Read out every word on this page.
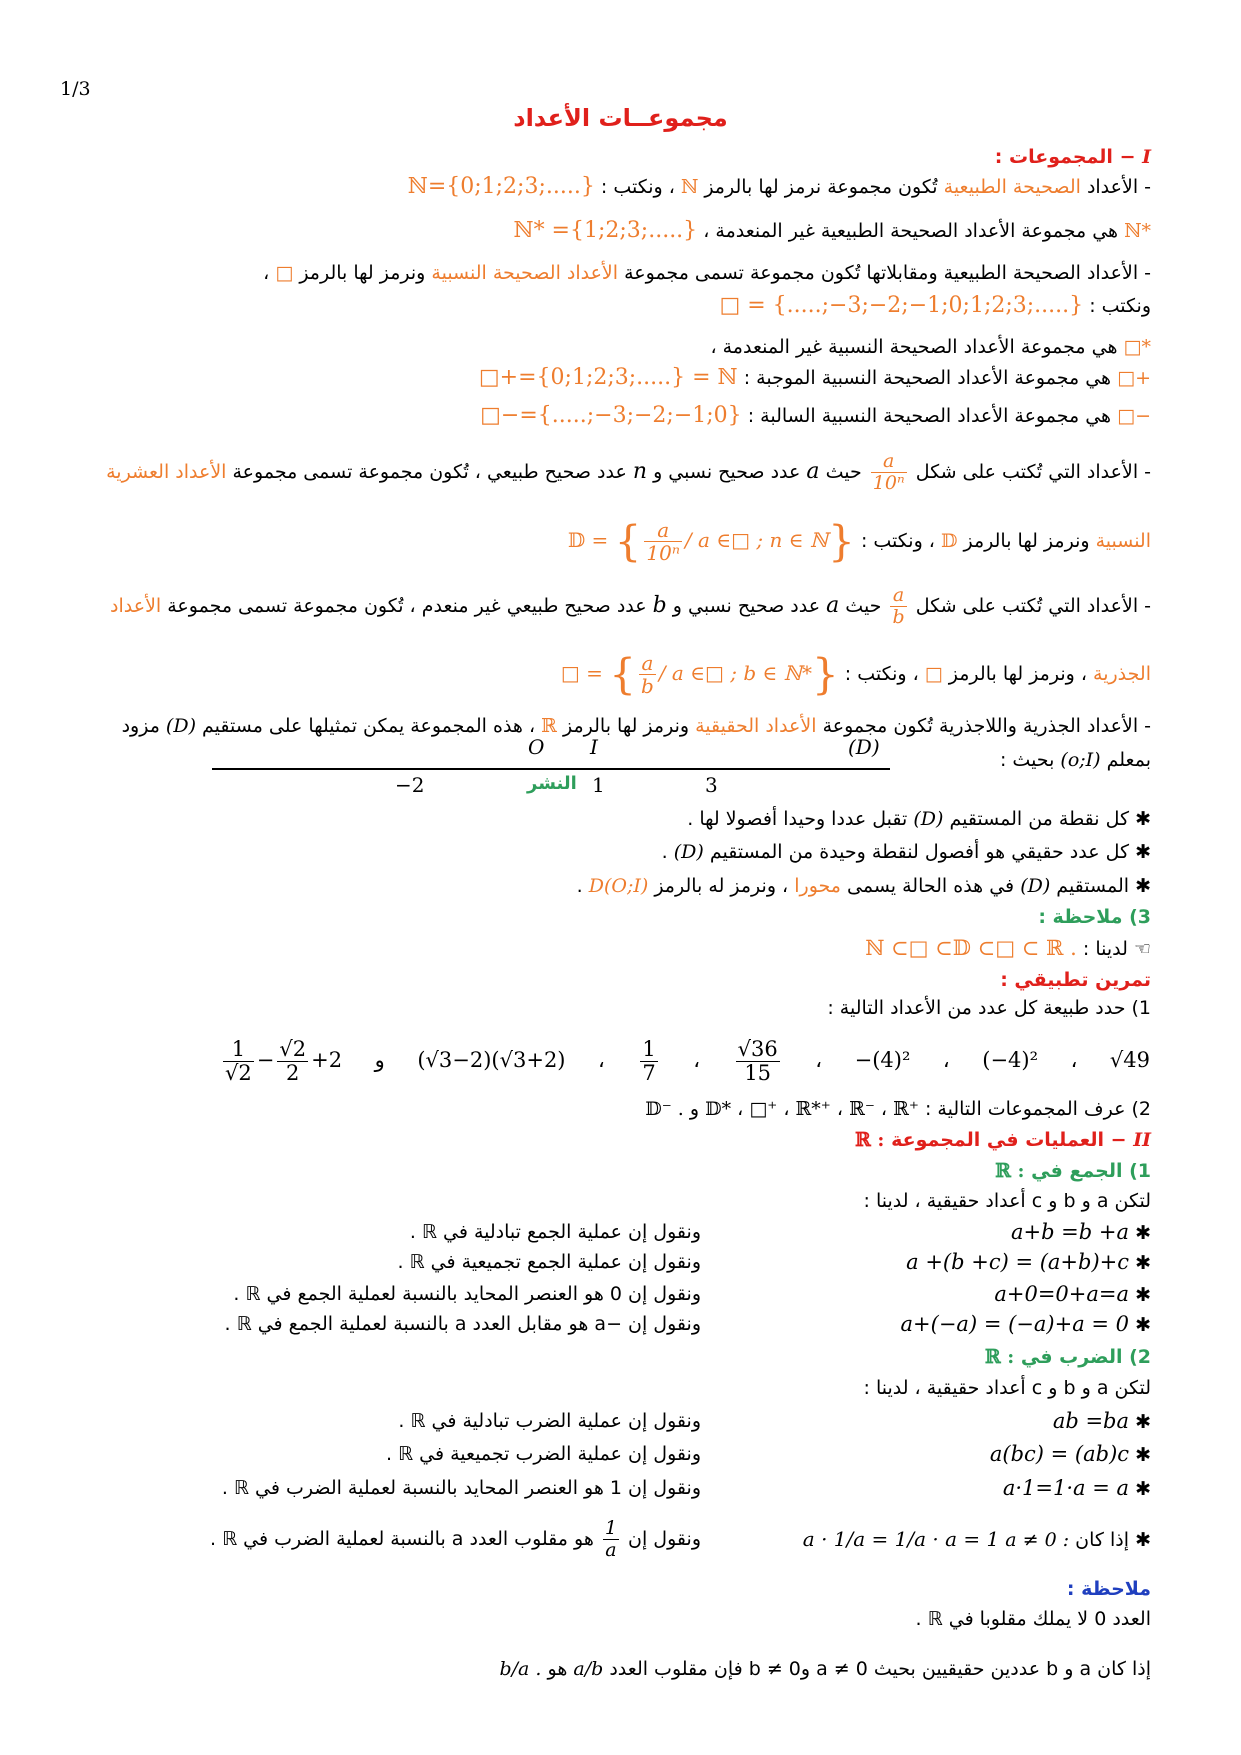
1/3
مجموعــات الأعداد
I − المجموعات :
- الأعداد الصحيحة الطبيعية تُكون مجموعة نرمز لها بالرمز ℕ ، ونكتب : ℕ={0;1;2;3;.....}
ℕ* هي مجموعة الأعداد الصحيحة الطبيعية غير المنعدمة ، ℕ* ={1;2;3;.....}
- الأعداد الصحيحة الطبيعية ومقابلاتها تُكون مجموعة تسمى مجموعة الأعداد الصحيحة النسبية ونرمز لها بالرمز □ ،
ونكتب : □ = {.....;−3;−2;−1;0;1;2;3;.....}
□* هي مجموعة الأعداد الصحيحة النسبية غير المنعدمة ،
□+ هي مجموعة الأعداد الصحيحة النسبية الموجبة : □+={0;1;2;3;.....} = ℕ
□− هي مجموعة الأعداد الصحيحة النسبية السالبة : □−={.....;−3;−2;−1;0}
- الأعداد التي تُكتب على شكل
$\frac{a}{\text{10ⁿ}}$
حيث a عدد صحيح نسبي و n عدد صحيح طبيعي ، تُكون مجموعة تسمى مجموعة الأعداد العشرية
النسبية ونرمز لها بالرمز 𝔻 ، ونكتب : 𝔻 = { $\frac{a}{\text{10ⁿ}}$ / a ∈□ ; n ∈ ℕ}
- الأعداد التي تُكتب على شكل
$\frac{a}{b}$
حيث a عدد صحيح نسبي و b عدد صحيح طبيعي غير منعدم ، تُكون مجموعة تسمى مجموعة الأعداد
الجذرية ، ونرمز لها بالرمز □ ، ونكتب : □ = { $\frac{a}{b}$ / a ∈□ ; b ∈ ℕ*}
- الأعداد الجذرية واللاجذرية تُكون مجموعة الأعداد الحقيقية ونرمز لها بالرمز ℝ ، هذه المجموعة يمكن تمثيلها على مستقيم (D) مزود
بمعلم (o;I) بحيث :
O I	(D)
−2	النشر 1	3
✱ كل نقطة من المستقيم (D) تقبل عددا وحيدا أفصولا لها .
✱ كل عدد حقيقي هو أفصول لنقطة وحيدة من المستقيم (D) .
✱ المستقيم (D) في هذه الحالة يسمى محورا ، ونرمز له بالرمز D(O;I) .
3) ملاحظة :
☜ لدينا : ℕ ⊂□ ⊂𝔻 ⊂□ ⊂ ℝ .
تمرين تطبيقي :
1) حدد طبيعة كل عدد من الأعداد التالية :
$\frac{1}{√2} - \frac{√2}{2} +2$ و (√3−2)(√3+2) ، $\frac{1}{7}$ ، $\frac{√36}{15}$ ، −(4)² ، (−4)² ، √49
2) عرف المجموعات التالية : ℝ⁺ ، ℝ⁻ ، ℝ*⁺ ، □⁺ ، 𝔻* و 𝔻⁻ .
II − العمليات في المجموعة ℝ :
1) الجمع في ℝ :
لتكن a و b و c أعداد حقيقية ، لدينا :
✱ a+b =b +a
ونقول إن عملية الجمع تبادلية في ℝ .
✱ a +(b +c) = (a+b)+c
ونقول إن عملية الجمع تجميعية في ℝ .
✱ a+0=0+a=a
ونقول إن 0 هو العنصر المحايد بالنسبة لعملية الجمع في ℝ .
✱ a+(−a) = (−a)+a = 0
ونقول إن −a هو مقابل العدد a بالنسبة لعملية الجمع في ℝ .
2) الضرب في ℝ :
لتكن a و b و c أعداد حقيقية ، لدينا :
✱ ab =ba
ونقول إن عملية الضرب تبادلية في ℝ .
✱ a(bc) = (ab)c
ونقول إن عملية الضرب تجميعية في ℝ .
✱ a·1=1·a = a
ونقول إن 1 هو العنصر المحايد بالنسبة لعملية الضرب في ℝ .
✱ إذا كان a ≠ 0 : a · 1/a = 1/a · a = 1
ونقول إن
$\frac{1}{a}$
هو مقلوب العدد a بالنسبة لعملية الضرب في ℝ .
ملاحظة :
العدد 0 لا يملك مقلوبا في ℝ .
إذا كان a و b عددين حقيقيين بحيث a ≠ 0 وb ≠ 0 فإن مقلوب العدد a/b هو b/a .
